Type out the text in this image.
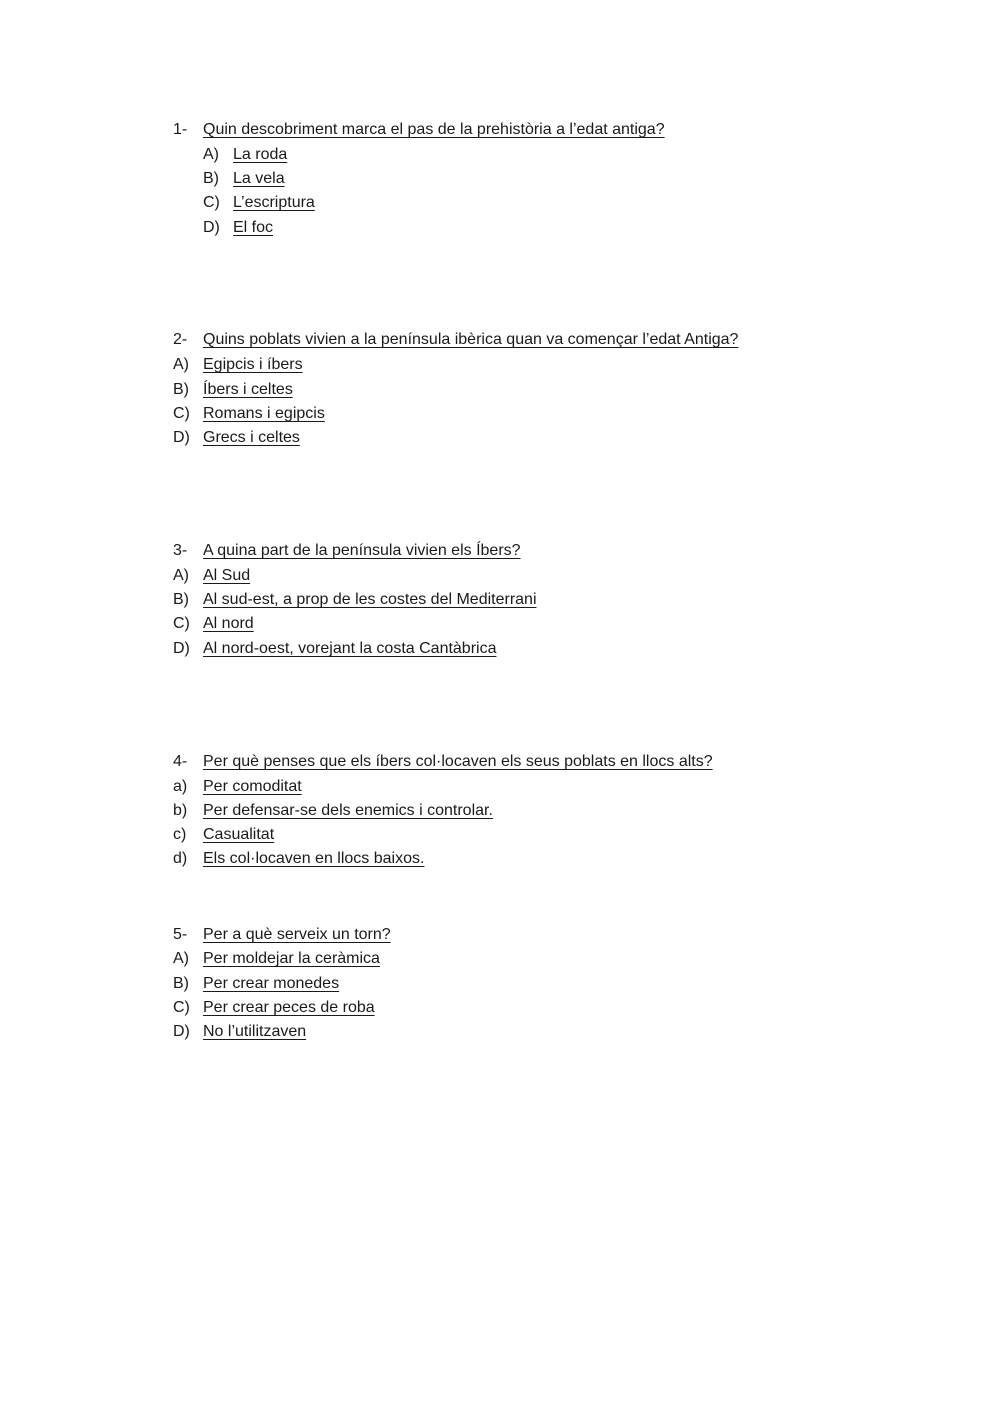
1- Quin descobriment marca el pas de la prehistòria a l’edat antiga?
A) La roda
B) La vela
C) L’escriptura
D) El foc
2- Quins poblats vivien a la península ibèrica quan va començar l’edat Antiga?
A) Egipcis i íbers
B) Íbers i celtes
C) Romans i egipcis
D) Grecs i celtes
3- A quina part de la península vivien els Íbers?
A) Al Sud
B) Al sud-est, a prop de les costes del Mediterrani
C) Al nord
D) Al nord-oest, vorejant la costa Cantàbrica
4- Per què penses que els íbers col·locaven els seus poblats en llocs alts?
a) Per comoditat
b) Per defensar-se dels enemics i controlar.
c) Casualitat
d) Els col·locaven en llocs baixos.
5- Per a què serveix un torn?
A) Per moldejar la ceràmica
B) Per crear monedes
C) Per crear peces de roba
D) No l’utilitzaven
